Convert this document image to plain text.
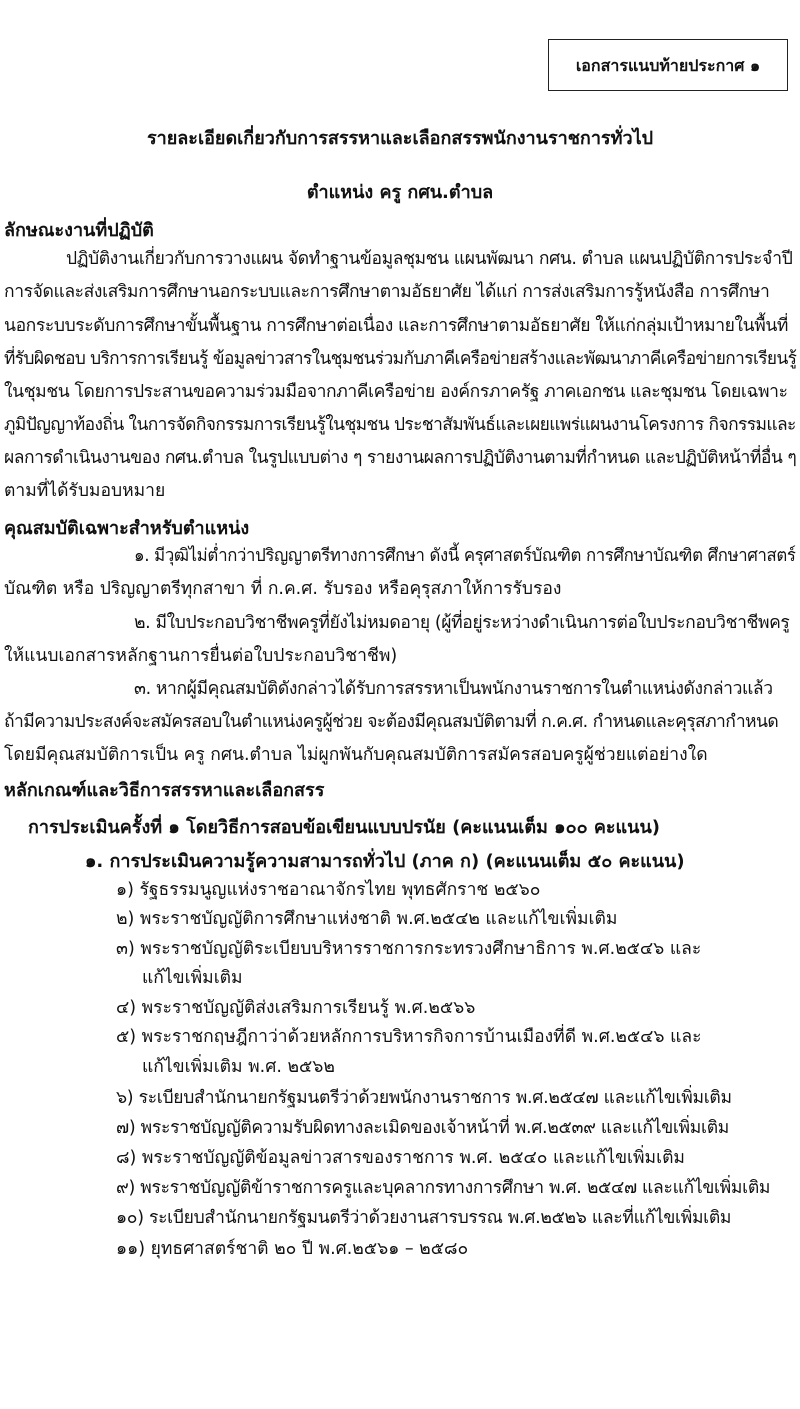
เอกสารแนบท้ายประกาศ ๑
รายละเอียดเกี่ยวกับการสรรหาและเลือกสรรพนักงานราชการทั่วไป
ตำแหน่ง ครู กศน.ตำบล
ลักษณะงานที่ปฏิบัติ
ปฏิบัติงานเกี่ยวกับการวางแผน จัดทำฐานข้อมูลชุมชน แผนพัฒนา กศน. ตำบล แผนปฏิบัติการประจำปี
การจัดและส่งเสริมการศึกษานอกระบบและการศึกษาตามอัธยาศัย ได้แก่ การส่งเสริมการรู้หนังสือ การศึกษา
นอกระบบระดับการศึกษาขั้นพื้นฐาน การศึกษาต่อเนื่อง และการศึกษาตามอัธยาศัย ให้แก่กลุ่มเป้าหมายในพื้นที่
ที่รับผิดชอบ บริการการเรียนรู้ ข้อมูลข่าวสารในชุมชนร่วมกับภาคีเครือข่ายสร้างและพัฒนาภาคีเครือข่ายการเรียนรู้
ในชุมชน โดยการประสานขอความร่วมมือจากภาคีเครือข่าย องค์กรภาครัฐ ภาคเอกชน และชุมชน โดยเฉพาะ
ภูมิปัญญาท้องถิ่น ในการจัดกิจกรรมการเรียนรู้ในชุมชน ประชาสัมพันธ์และเผยแพร่แผนงานโครงการ กิจกรรมและ
ผลการดำเนินงานของ กศน.ตำบล ในรูปแบบต่าง ๆ รายงานผลการปฏิบัติงานตามที่กำหนด และปฏิบัติหน้าที่อื่น ๆ
ตามที่ได้รับมอบหมาย
คุณสมบัติเฉพาะสำหรับตำแหน่ง
๑. มีวุฒิไม่ต่ำกว่าปริญญาตรีทางการศึกษา ดังนี้ ครุศาสตร์บัณฑิต การศึกษาบัณฑิต ศึกษาศาสตร์
บัณฑิต หรือ ปริญญาตรีทุกสาขา ที่ ก.ค.ศ. รับรอง หรือคุรุสภาให้การรับรอง
๒. มีใบประกอบวิชาชีพครูที่ยังไม่หมดอายุ (ผู้ที่อยู่ระหว่างดำเนินการต่อใบประกอบวิชาชีพครู
ให้แนบเอกสารหลักฐานการยื่นต่อใบประกอบวิชาชีพ)
๓. หากผู้มีคุณสมบัติดังกล่าวได้รับการสรรหาเป็นพนักงานราชการในตำแหน่งดังกล่าวแล้ว
ถ้ามีความประสงค์จะสมัครสอบในตำแหน่งครูผู้ช่วย จะต้องมีคุณสมบัติตามที่ ก.ค.ศ. กำหนดและคุรุสภากำหนด
โดยมีคุณสมบัติการเป็น ครู กศน.ตำบล ไม่ผูกพันกับคุณสมบัติการสมัครสอบครูผู้ช่วยแต่อย่างใด
หลักเกณฑ์และวิธีการสรรหาและเลือกสรร
การประเมินครั้งที่ ๑ โดยวิธีการสอบข้อเขียนแบบปรนัย (คะแนนเต็ม ๑๐๐ คะแนน)
๑. การประเมินความรู้ความสามารถทั่วไป (ภาค ก) (คะแนนเต็ม ๕๐ คะแนน)
๑) รัฐธรรมนูญแห่งราชอาณาจักรไทย พุทธศักราช ๒๕๖๐
๒) พระราชบัญญัติการศึกษาแห่งชาติ พ.ศ.๒๕๔๒ และแก้ไขเพิ่มเติม
๓) พระราชบัญญัติระเบียบบริหารราชการกระทรวงศึกษาธิการ พ.ศ.๒๕๔๖ และ
แก้ไขเพิ่มเติม
๔) พระราชบัญญัติส่งเสริมการเรียนรู้ พ.ศ.๒๕๖๖
๕) พระราชกฤษฎีกาว่าด้วยหลักการบริหารกิจการบ้านเมืองที่ดี พ.ศ.๒๕๔๖ และ
แก้ไขเพิ่มเติม พ.ศ. ๒๕๖๒
๖) ระเบียบสำนักนายกรัฐมนตรีว่าด้วยพนักงานราชการ พ.ศ.๒๕๔๗ และแก้ไขเพิ่มเติม
๗) พระราชบัญญัติความรับผิดทางละเมิดของเจ้าหน้าที่ พ.ศ.๒๕๓๙ และแก้ไขเพิ่มเติม
๘) พระราชบัญญัติข้อมูลข่าวสารของราชการ พ.ศ. ๒๕๔๐ และแก้ไขเพิ่มเติม
๙) พระราชบัญญัติข้าราชการครูและบุคลากรทางการศึกษา พ.ศ. ๒๕๔๗ และแก้ไขเพิ่มเติม
๑๐) ระเบียบสำนักนายกรัฐมนตรีว่าด้วยงานสารบรรณ พ.ศ.๒๕๒๖ และที่แก้ไขเพิ่มเติม
๑๑) ยุทธศาสตร์ชาติ ๒๐ ปี พ.ศ.๒๕๖๑ – ๒๕๘๐
